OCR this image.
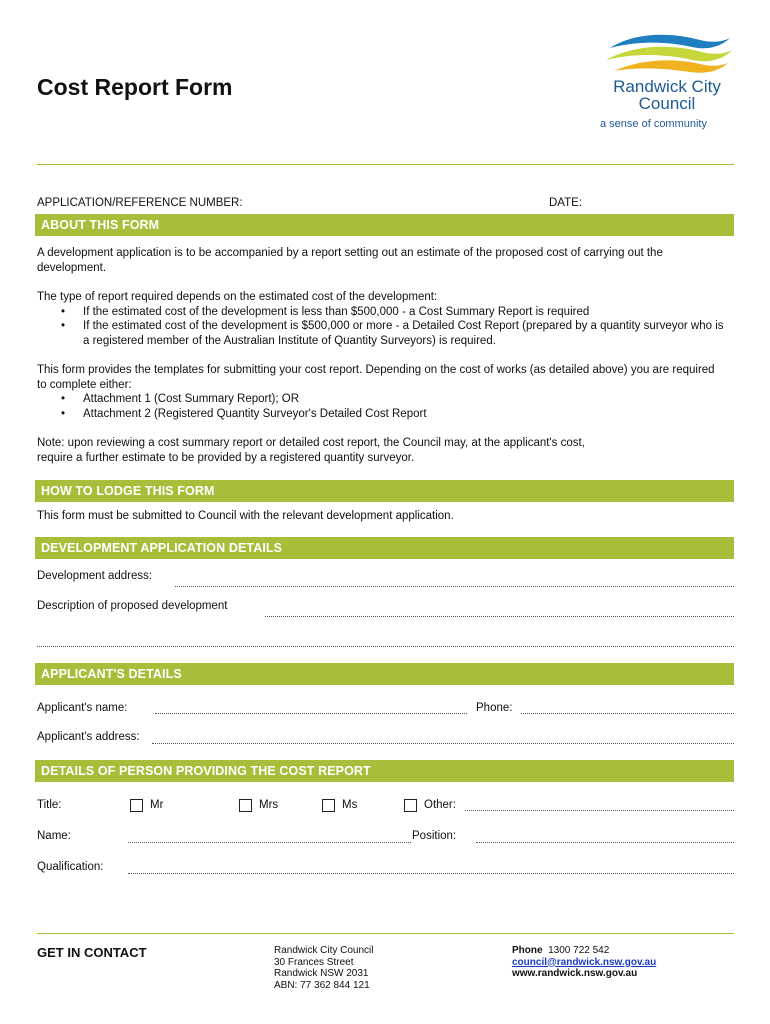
Cost Report Form	Randwick City
Council
a sense of community
APPLICATION/REFERENCE NUMBER:	DATE:
ABOUT THIS FORM
A development application is to be accompanied by a report setting out an estimate of the proposed cost of carrying out the development.
The type of report required depends on the estimated cost of the development:
• If the estimated cost of the development is less than $500,000 - a Cost Summary Report is required
• If the estimated cost of the development is $500,000 or more - a Detailed Cost Report (prepared by a quantity surveyor who is a registered member of the Australian Institute of Quantity Surveyors) is required.
This form provides the templates for submitting your cost report. Depending on the cost of works (as detailed above) you are required to complete either:
• Attachment 1 (Cost Summary Report); OR
• Attachment 2 (Registered Quantity Surveyor's Detailed Cost Report
Note: upon reviewing a cost summary report or detailed cost report, the Council may, at the applicant's cost,
require a further estimate to be provided by a registered quantity surveyor.
HOW TO LODGE THIS FORM
This form must be submitted to Council with the relevant development application.
DEVELOPMENT APPLICATION DETAILS
Development address:
Description of proposed development
APPLICANT'S DETAILS
Applicant's name:	Phone:
Applicant's address:
DETAILS OF PERSON PROVIDING THE COST REPORT
Title:	Mr	Mrs	Ms	Other:
Name:	Position:
Qualification:
GET IN CONTACT	Randwick City Council
30 Frances Street
Randwick NSW 2031
ABN: 77 362 844 121
Phone 1300 722 542
council@randwick.nsw.gov.au
www.randwick.nsw.gov.au
